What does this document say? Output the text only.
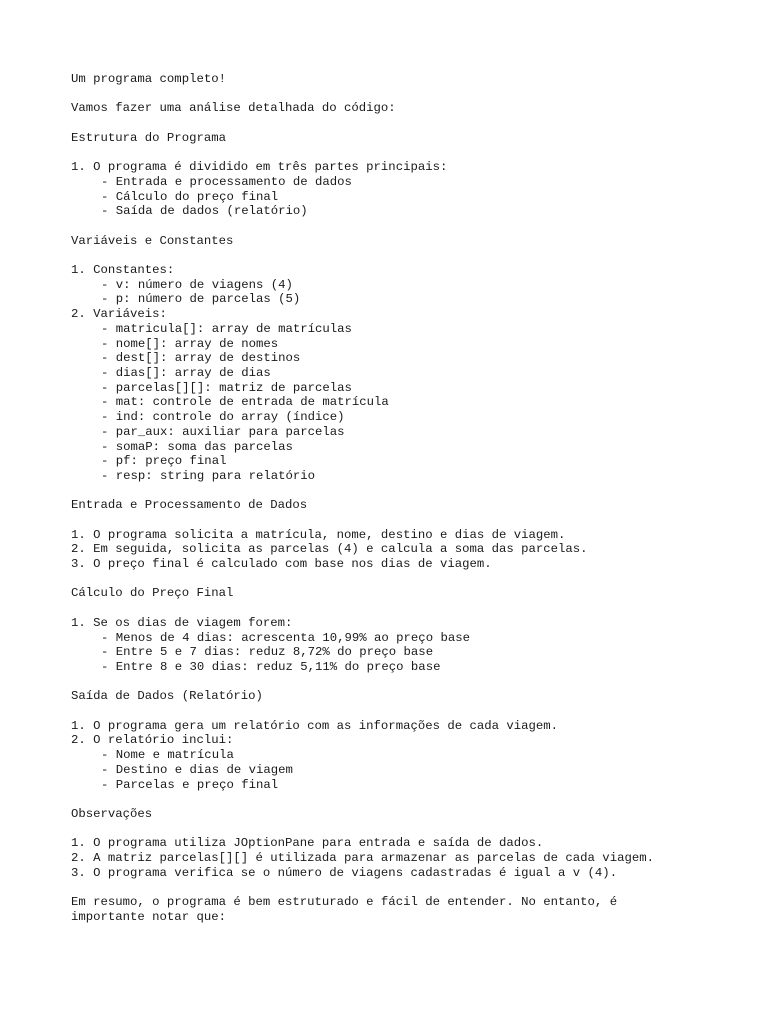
Um programa completo!
Vamos fazer uma análise detalhada do código:
Estrutura do Programa
1. O programa é dividido em três partes principais:
- Entrada e processamento de dados
- Cálculo do preço final
- Saída de dados (relatório)
Variáveis e Constantes
1. Constantes:
- v: número de viagens (4)
- p: número de parcelas (5)
2. Variáveis:
- matricula[]: array de matrículas
- nome[]: array de nomes
- dest[]: array de destinos
- dias[]: array de dias
- parcelas[][]: matriz de parcelas
- mat: controle de entrada de matrícula
- ind: controle do array (índice)
- par_aux: auxiliar para parcelas
- somaP: soma das parcelas
- pf: preço final
- resp: string para relatório
Entrada e Processamento de Dados
1. O programa solicita a matrícula, nome, destino e dias de viagem.
2. Em seguida, solicita as parcelas (4) e calcula a soma das parcelas.
3. O preço final é calculado com base nos dias de viagem.
Cálculo do Preço Final
1. Se os dias de viagem forem:
- Menos de 4 dias: acrescenta 10,99% ao preço base
- Entre 5 e 7 dias: reduz 8,72% do preço base
- Entre 8 e 30 dias: reduz 5,11% do preço base
Saída de Dados (Relatório)
1. O programa gera um relatório com as informações de cada viagem.
2. O relatório inclui:
- Nome e matrícula
- Destino e dias de viagem
- Parcelas e preço final
Observações
1. O programa utiliza JOptionPane para entrada e saída de dados.
2. A matriz parcelas[][] é utilizada para armazenar as parcelas de cada viagem.
3. O programa verifica se o número de viagens cadastradas é igual a v (4).
Em resumo, o programa é bem estruturado e fácil de entender. No entanto, é
importante notar que:
